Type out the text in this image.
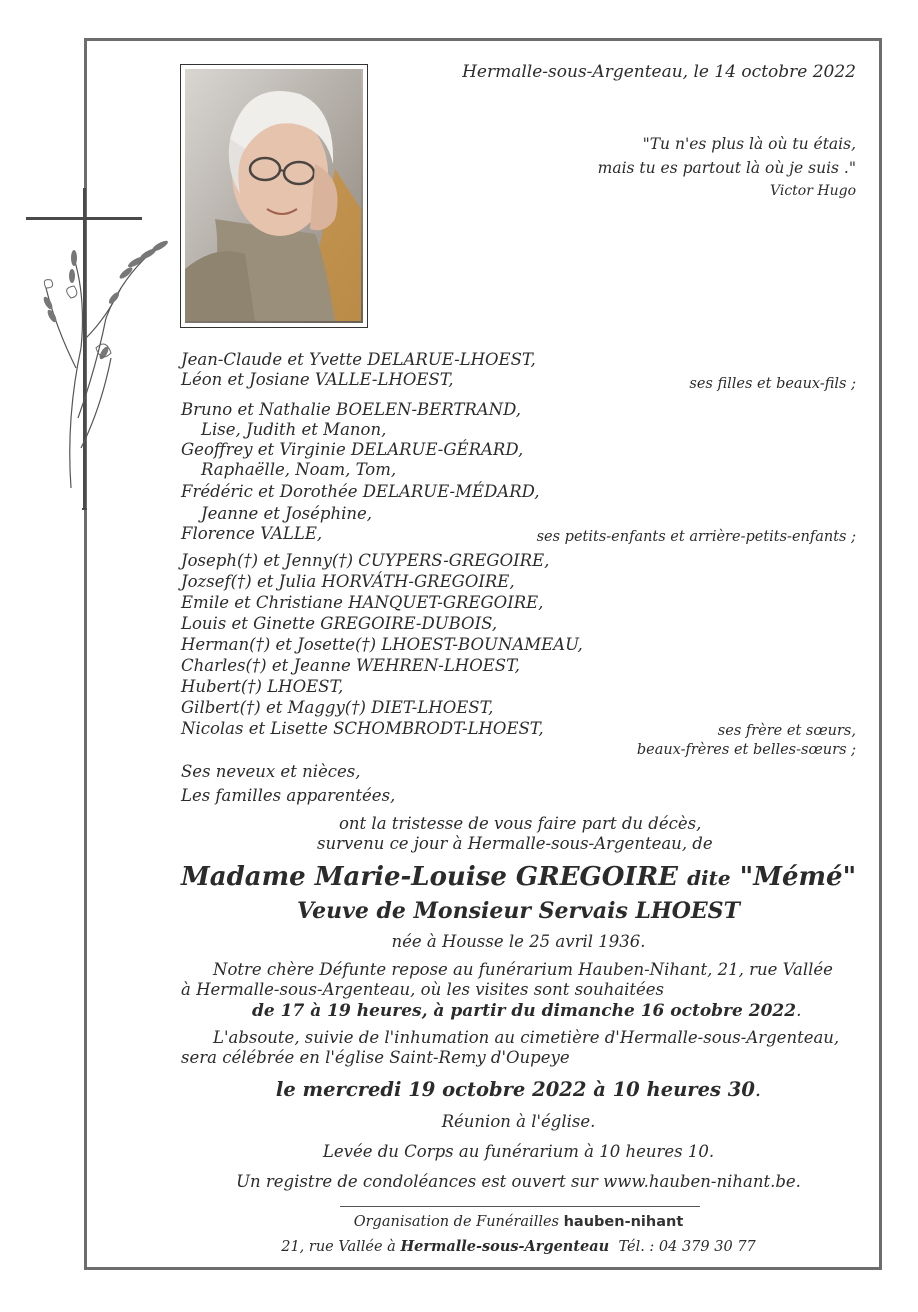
Hermalle-sous-Argenteau, le 14 octobre 2022
"Tu n'es plus là où tu étais,
mais tu es partout là où je suis ."
Victor Hugo
Jean-Claude et Yvette DELARUE-LHOEST,
Léon et Josiane VALLE-LHOEST,	ses filles et beaux-fils ;
Bruno et Nathalie BOELEN-BERTRAND,
Lise, Judith et Manon,
Geoffrey et Virginie DELARUE-GÉRARD,
Raphaëlle, Noam, Tom,
Frédéric et Dorothée DELARUE-MÉDARD,
Jeanne et Joséphine,
Florence VALLE,	ses petits-enfants et arrière-petits-enfants ;
Joseph(†) et Jenny(†) CUYPERS-GREGOIRE,
Jozsef(†) et Julia HORVÁTH-GREGOIRE,
Emile et Christiane HANQUET-GREGOIRE,
Louis et Ginette GREGOIRE-DUBOIS,
Herman(†) et Josette(†) LHOEST-BOUNAMEAU,
Charles(†) et Jeanne WEHREN-LHOEST,
Hubert(†) LHOEST,
Gilbert(†) et Maggy(†) DIET-LHOEST,
Nicolas et Lisette SCHOMBRODT-LHOEST,	ses frère et sœurs,
beaux-frères et belles-sœurs ;
Ses neveux et nièces,
Les familles apparentées,
ont la tristesse de vous faire part du décès,
survenu ce jour à Hermalle-sous-Argenteau, de
Madame Marie-Louise GREGOIRE dite "Mémé"
Veuve de Monsieur Servais LHOEST
née à Housse le 25 avril 1936.
Notre chère Défunte repose au funérarium Hauben-Nihant, 21, rue Vallée
à Hermalle-sous-Argenteau, où les visites sont souhaitées
de 17 à 19 heures, à partir du dimanche 16 octobre 2022.
L'absoute, suivie de l'inhumation au cimetière d'Hermalle-sous-Argenteau,
sera célébrée en l'église Saint-Remy d'Oupeye
le mercredi 19 octobre 2022 à 10 heures 30.
Réunion à l'église.
Levée du Corps au funérarium à 10 heures 10.
Un registre de condoléances est ouvert sur www.hauben-nihant.be.
Organisation de Funérailles hauben-nihant
21, rue Vallée à Hermalle-sous-Argenteau Tél. : 04 379 30 77
